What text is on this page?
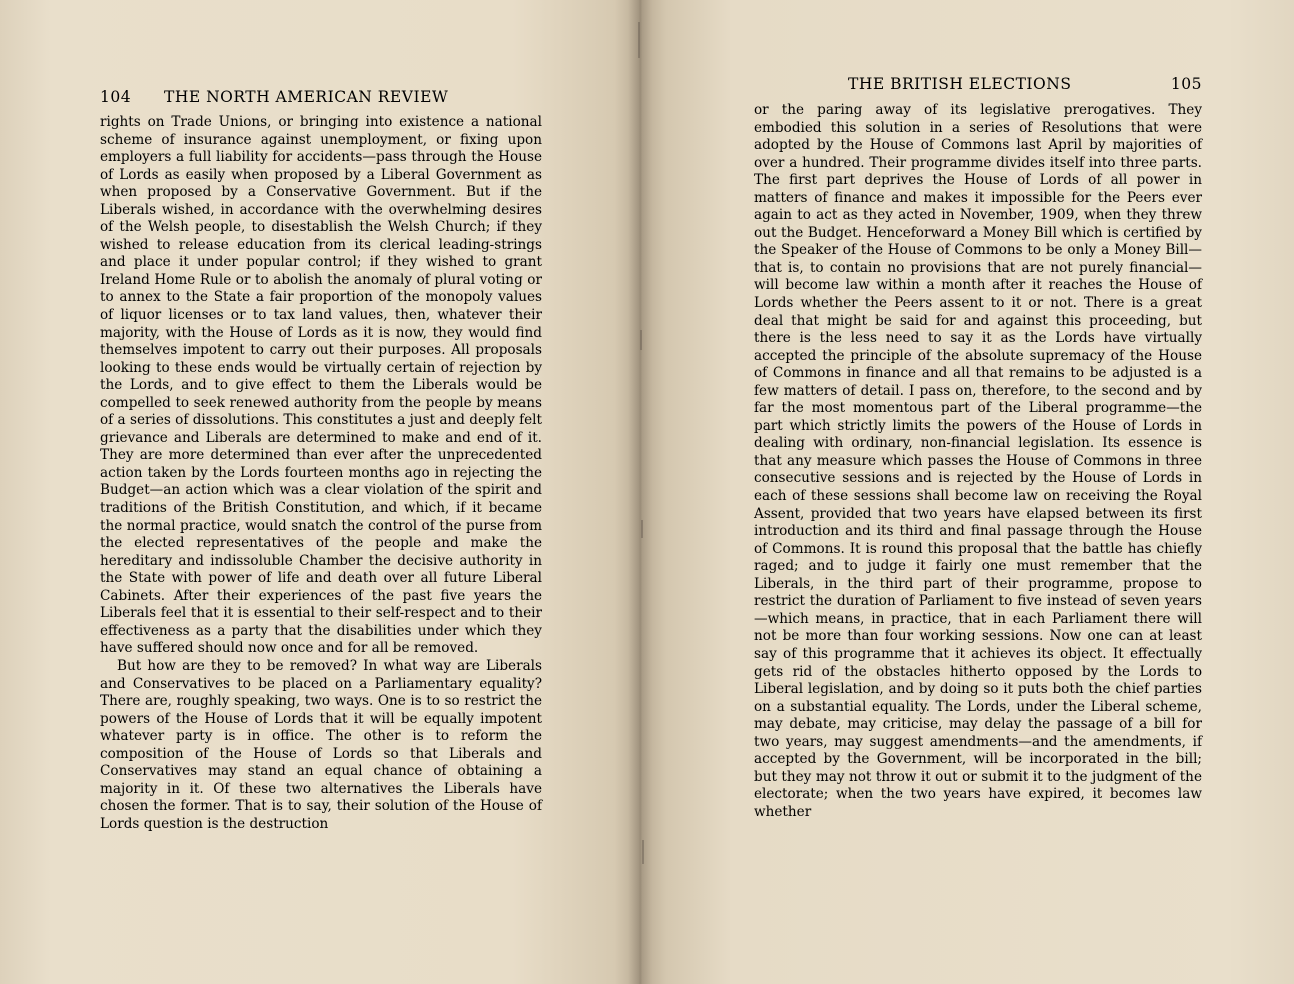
104 THE NORTH AMERICAN REVIEW

rights on Trade Unions, or bringing into existence a national scheme of insurance against unemployment, or fixing upon employers a full liability for accidents—pass through the House of Lords as easily when proposed by a Liberal Government as when proposed by a Conservative Government. But if the Liberals wished, in accordance with the overwhelming desires of the Welsh people, to disestablish the Welsh Church; if they wished to release education from its clerical leading-strings and place it under popular control; if they wished to grant Ireland Home Rule or to abolish the anomaly of plural voting or to annex to the State a fair proportion of the monopoly values of liquor licenses or to tax land values, then, whatever their majority, with the House of Lords as it is now, they would find themselves impotent to carry out their purposes. All proposals looking to these ends would be virtually certain of rejection by the Lords, and to give effect to them the Liberals would be compelled to seek renewed authority from the people by means of a series of dissolutions. This constitutes a just and deeply felt grievance and Liberals are determined to make and end of it. They are more determined than ever after the unprecedented action taken by the Lords fourteen months ago in rejecting the Budget—an action which was a clear violation of the spirit and traditions of the British Constitution, and which, if it became the normal practice, would snatch the control of the purse from the elected representatives of the people and make the hereditary and indissoluble Chamber the decisive authority in the State with power of life and death over all future Liberal Cabinets. After their experiences of the past five years the Liberals feel that it is essential to their self-respect and to their effectiveness as a party that the disabilities under which they have suffered should now once and for all be removed.

But how are they to be removed? In what way are Liberals and Conservatives to be placed on a Parliamentary equality? There are, roughly speaking, two ways. One is to so restrict the powers of the House of Lords that it will be equally impotent whatever party is in office. The other is to reform the composition of the House of Lords so that Liberals and Conservatives may stand an equal chance of obtaining a majority in it. Of these two alternatives the Liberals have chosen the former. That is to say, their solution of the House of Lords question is the destruction

THE BRITISH ELECTIONS	105

or the paring away of its legislative prerogatives. They embodied this solution in a series of Resolutions that were adopted by the House of Commons last April by majorities of over a hundred. Their programme divides itself into three parts. The first part deprives the House of Lords of all power in matters of finance and makes it impossible for the Peers ever again to act as they acted in November, 1909, when they threw out the Budget. Henceforward a Money Bill which is certified by the Speaker of the House of Commons to be only a Money Bill—that is, to contain no provisions that are not purely financial—will become law within a month after it reaches the House of Lords whether the Peers assent to it or not. There is a great deal that might be said for and against this proceeding, but there is the less need to say it as the Lords have virtually accepted the principle of the absolute supremacy of the House of Commons in finance and all that remains to be adjusted is a few matters of detail. I pass on, therefore, to the second and by far the most momentous part of the Liberal programme—the part which strictly limits the powers of the House of Lords in dealing with ordinary, non-financial legislation. Its essence is that any measure which passes the House of Commons in three consecutive sessions and is rejected by the House of Lords in each of these sessions shall become law on receiving the Royal Assent, provided that two years have elapsed between its first introduction and its third and final passage through the House of Commons. It is round this proposal that the battle has chiefly raged; and to judge it fairly one must remember that the Liberals, in the third part of their programme, propose to restrict the duration of Parliament to five instead of seven years—which means, in practice, that in each Parliament there will not be more than four working sessions. Now one can at least say of this programme that it achieves its object. It effectually gets rid of the obstacles hitherto opposed by the Lords to Liberal legislation, and by doing so it puts both the chief parties on a substantial equality. The Lords, under the Liberal scheme, may debate, may criticise, may delay the passage of a bill for two years, may suggest amendments—and the amendments, if accepted by the Government, will be incorporated in the bill; but they may not throw it out or submit it to the judgment of the electorate; when the two years have expired, it becomes law whether
